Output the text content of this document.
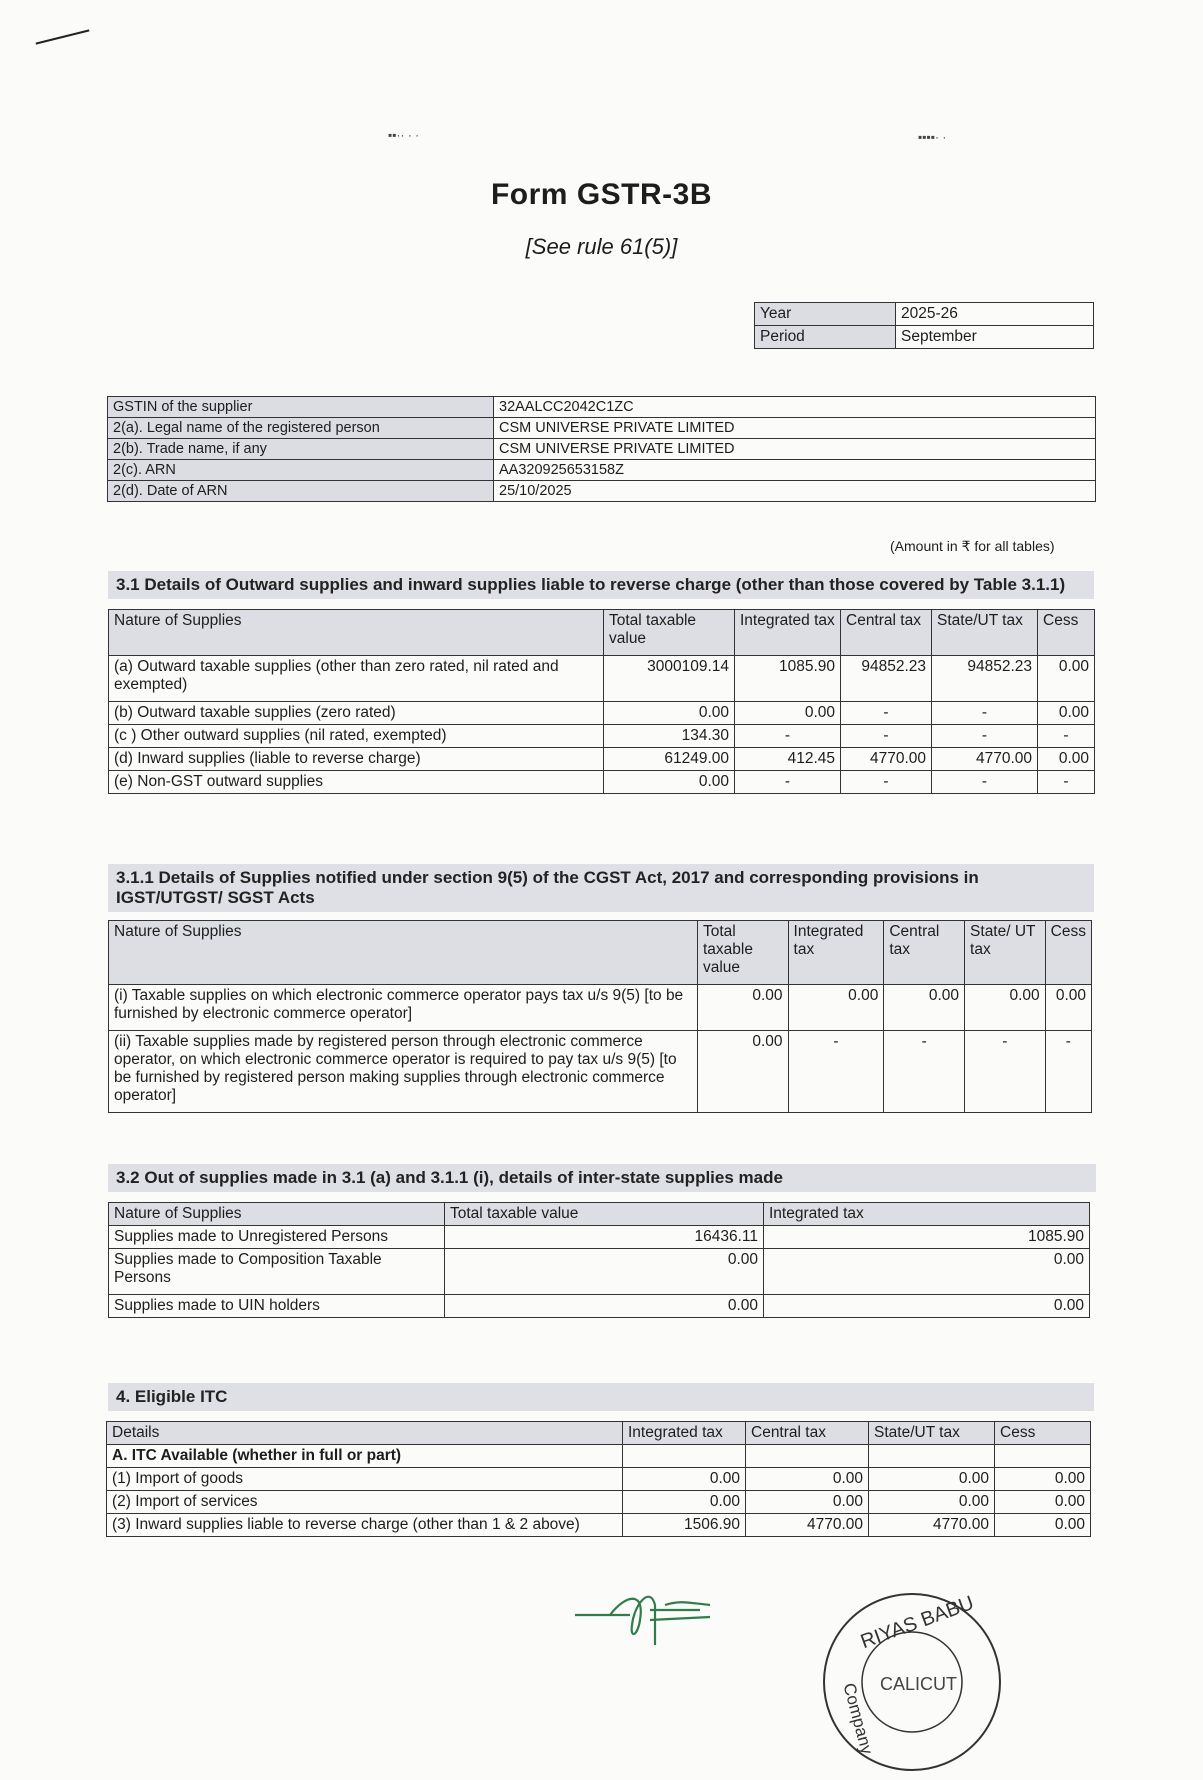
▪▪·· · ·	▪▪▪▪· ·
Form GSTR-3B
[See rule 61(5)]
Year	2025-26
Period	September
GSTIN of the supplier	32AALCC2042C1ZC
2(a). Legal name of the registered person	CSM UNIVERSE PRIVATE LIMITED
2(b). Trade name, if any	CSM UNIVERSE PRIVATE LIMITED
2(c). ARN	AA320925653158Z
2(d). Date of ARN	25/10/2025
(Amount in ₹ for all tables)
3.1 Details of Outward supplies and inward supplies liable to reverse charge (other than those covered by Table 3.1.1)
Nature of Supplies	Total taxable value	Integrated tax	Central tax	State/UT tax	Cess
(a) Outward taxable supplies (other than zero rated, nil rated and exempted)	3000109.14	1085.90	94852.23	94852.23	0.00
(b) Outward taxable supplies (zero rated)	0.00	0.00	-	-	0.00
(c ) Other outward supplies (nil rated, exempted)	134.30	-	-	-	-
(d) Inward supplies (liable to reverse charge)	61249.00	412.45	4770.00	4770.00	0.00
(e) Non-GST outward supplies	0.00	-	-	-	-
3.1.1 Details of Supplies notified under section 9(5) of the CGST Act, 2017 and corresponding provisions in IGST/UTGST/ SGST Acts
Nature of Supplies	Total taxable value	Integrated tax	Central tax	State/ UT tax	Cess
(i) Taxable supplies on which electronic commerce operator pays tax u/s 9(5) [to be furnished by electronic commerce operator]	0.00	0.00	0.00	0.00	0.00
(ii) Taxable supplies made by registered person through electronic commerce operator, on which electronic commerce operator is required to pay tax u/s 9(5) [to be furnished by registered person making supplies through electronic commerce operator]	0.00	-	-	-	-
3.2 Out of supplies made in 3.1 (a) and 3.1.1 (i), details of inter-state supplies made
Nature of Supplies	Total taxable value	Integrated tax
Supplies made to Unregistered Persons	16436.11	1085.90
Supplies made to Composition Taxable Persons	0.00	0.00
Supplies made to UIN holders	0.00	0.00
4. Eligible ITC
Details	Integrated tax	Central tax	State/UT tax	Cess
A. ITC Available (whether in full or part)				
(1) Import of goods	0.00	0.00	0.00	0.00
(2) Import of services	0.00	0.00	0.00	0.00
(3) Inward supplies liable to reverse charge (other than 1 & 2 above)	1506.90	4770.00	4770.00	0.00
RIYAS BABU
Company CALICUT
